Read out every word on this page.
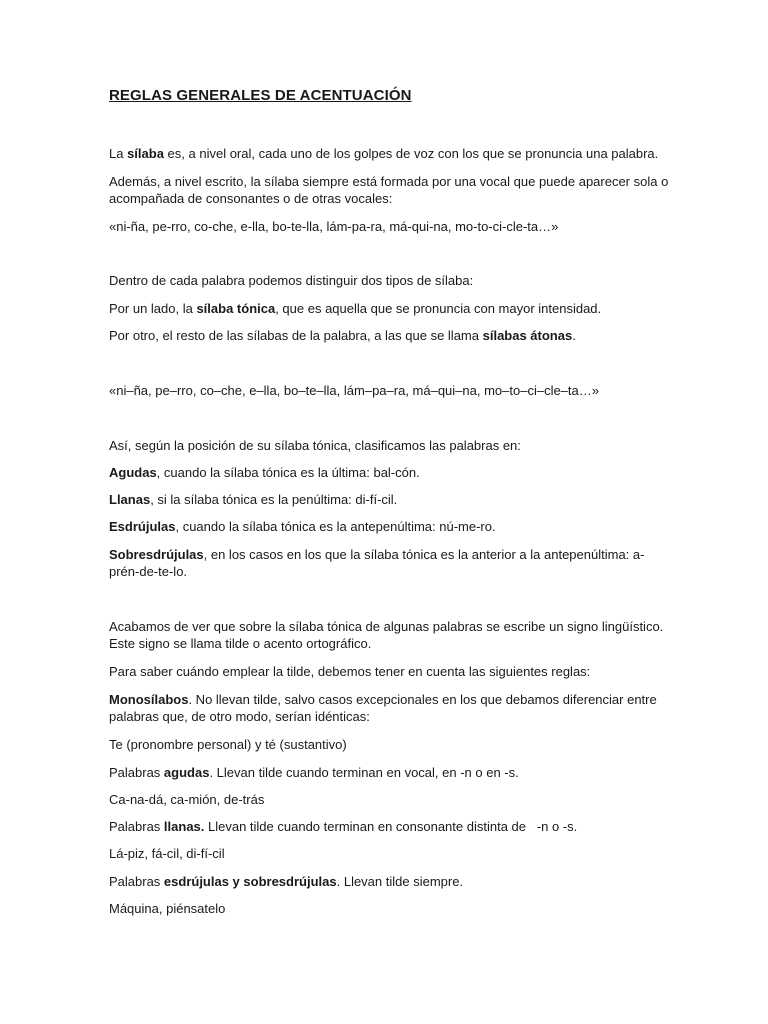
REGLAS GENERALES DE ACENTUACIÓN
La sílaba es, a nivel oral, cada uno de los golpes de voz con los que se pronuncia una palabra.
Además, a nivel escrito, la sílaba siempre está formada por una vocal que puede aparecer sola o acompañada de consonantes o de otras vocales:
«ni-ña, pe-rro, co-che, e-lla, bo-te-lla, lám-pa-ra, má-qui-na, mo-to-ci-cle-ta…»
Dentro de cada palabra podemos distinguir dos tipos de sílaba:
Por un lado, la sílaba tónica, que es aquella que se pronuncia con mayor intensidad.
Por otro, el resto de las sílabas de la palabra, a las que se llama sílabas átonas.
«ni–ña, pe–rro, co–che, e–lla, bo–te–lla, lám–pa–ra, má–qui–na, mo–to–ci–cle–ta…»
Así, según la posición de su sílaba tónica, clasificamos las palabras en:
Agudas, cuando la sílaba tónica es la última: bal-cón.
Llanas, si la sílaba tónica es la penúltima: di-fí-cil.
Esdrújulas, cuando la sílaba tónica es la antepenúltima: nú-me-ro.
Sobresdrújulas, en los casos en los que la sílaba tónica es la anterior a la antepenúltima: a-prén-de-te-lo.
Acabamos de ver que sobre la sílaba tónica de algunas palabras se escribe un signo lingüístico. Este signo se llama tilde o acento ortográfico.
Para saber cuándo emplear la tilde, debemos tener en cuenta las siguientes reglas:
Monosílabos. No llevan tilde, salvo casos excepcionales en los que debamos diferenciar entre palabras que, de otro modo, serían idénticas:
Te (pronombre personal) y té (sustantivo)
Palabras agudas. Llevan tilde cuando terminan en vocal, en -n o en -s.
Ca-na-dá, ca-mión, de-trás
Palabras llanas. Llevan tilde cuando terminan en consonante distinta de   -n o -s.
Lá-piz, fá-cil, di-fí-cil
Palabras esdrújulas y sobresdrújulas. Llevan tilde siempre.
Máquina, piénsatelo
